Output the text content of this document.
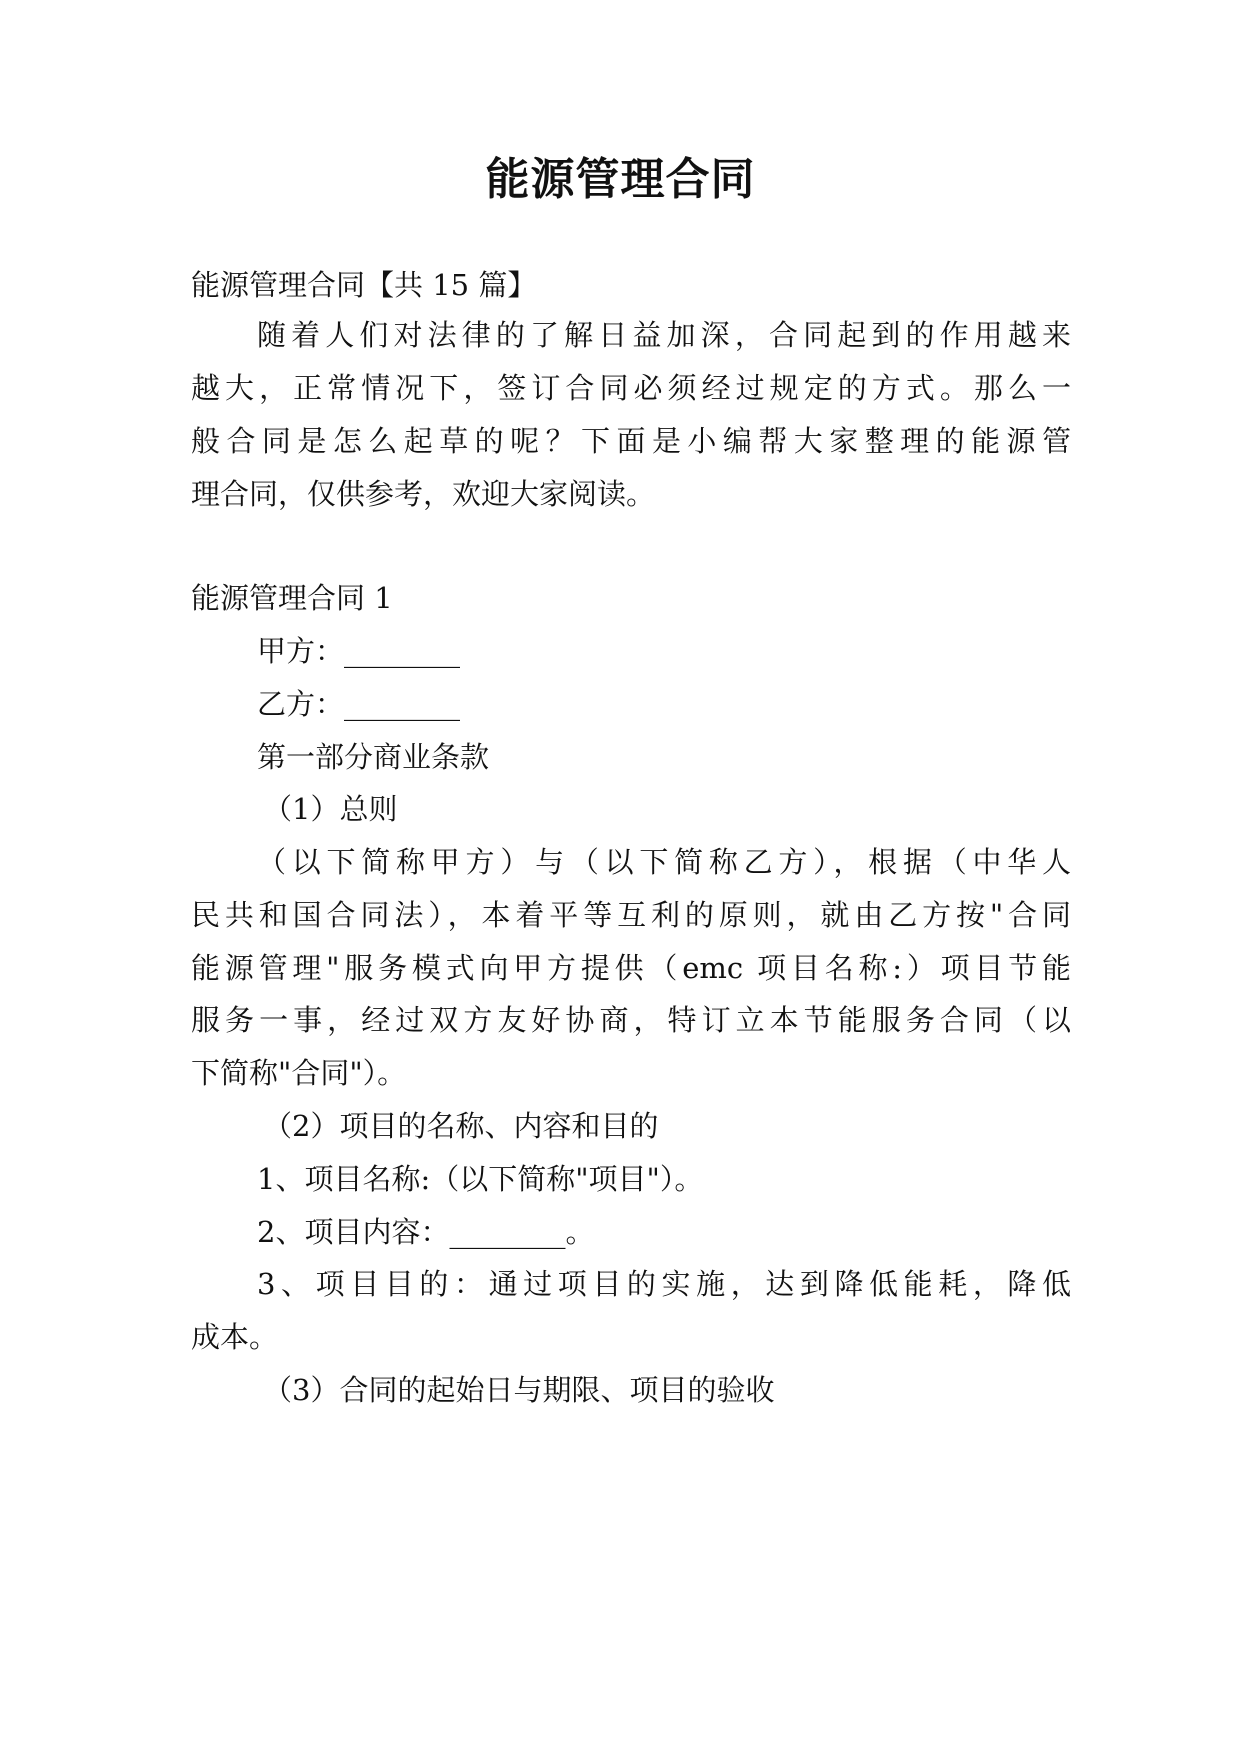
能源管理合同
能源管理合同【共 15 篇】
随着人们对法律的了解日益加深，合同起到的作用越来
越大，正常情况下，签订合同必须经过规定的方式。那么一
般合同是怎么起草的呢？下面是小编帮大家整理的能源管
理合同，仅供参考，欢迎大家阅读。
能源管理合同 1
甲方：________
乙方：________
第一部分商业条款
（1）总则
（以下简称甲方）与（以下简称乙方），根据（中华人
民共和国合同法），本着平等互利的原则，就由乙方按"合同
能源管理"服务模式向甲方提供（emc 项目名称:）项目节能
服务一事，经过双方友好协商，特订立本节能服务合同（以
下简称"合同"）。
（2）项目的名称、内容和目的
1、项目名称:（以下简称"项目"）。
2、项目内容：________。
3、项目目的：通过项目的实施，达到降低能耗，降低
成本。
（3）合同的起始日与期限、项目的验收
